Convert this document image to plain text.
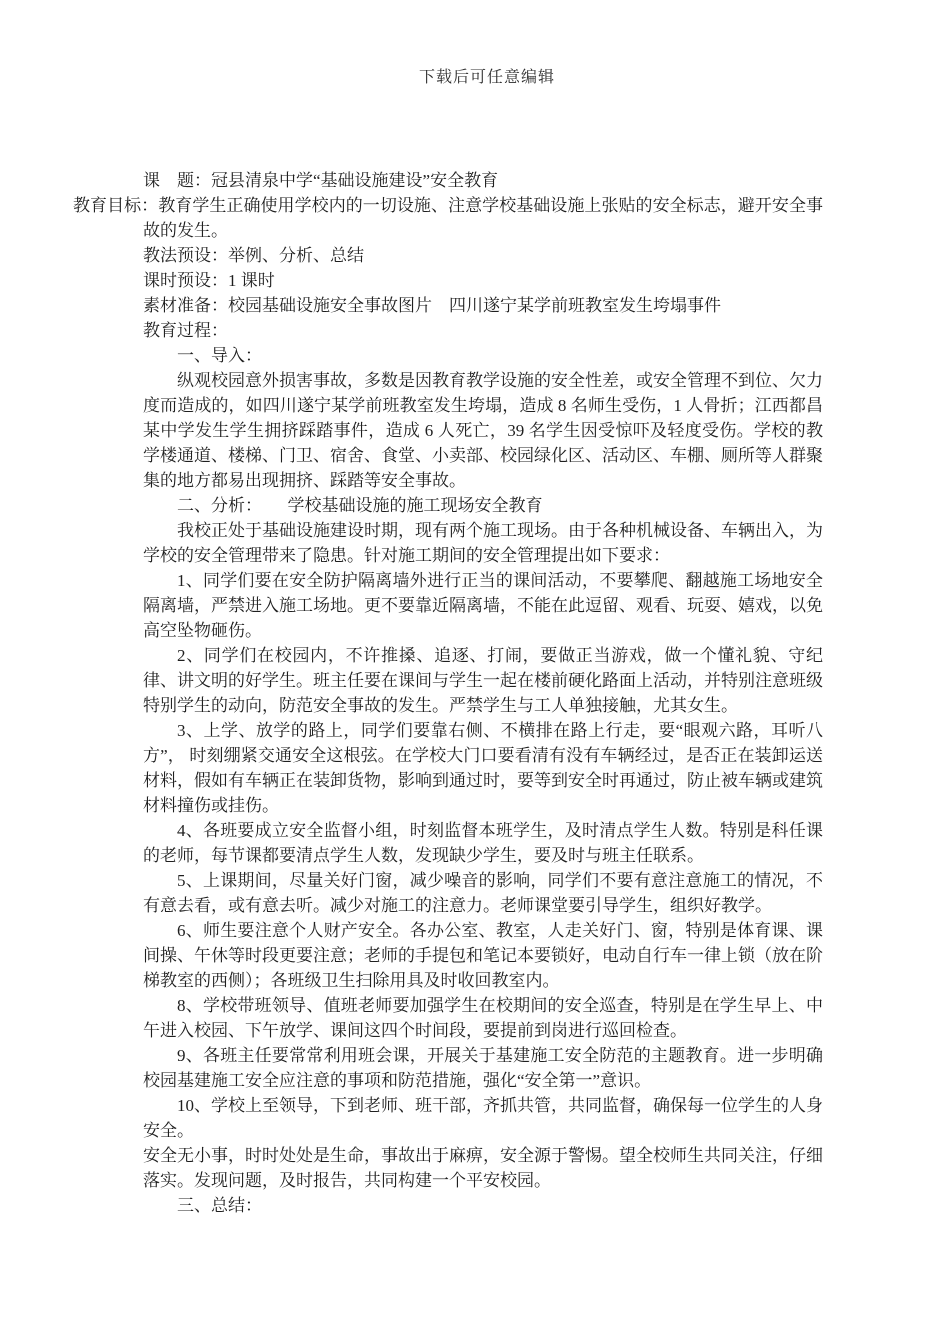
下载后可任意编辑

课　题：冠县清泉中学“基础设施建设”安全教育

教育目标：教育学生正确使用学校内的一切设施、注意学校基础设施上张贴的安全标志，避开安全事故的发生。

教法预设：举例、分析、总结

课时预设：1 课时

素材准备：校园基础设施安全事故图片　四川遂宁某学前班教室发生垮塌事件

教育过程：

一、导入：

纵观校园意外损害事故，多数是因教育教学设施的安全性差，或安全管理不到位、欠力度而造成的，如四川遂宁某学前班教室发生垮塌，造成 8 名师生受伤，1 人骨折；江西都昌某中学发生学生拥挤踩踏事件，造成 6 人死亡，39 名学生因受惊吓及轻度受伤。学校的教学楼通道、楼梯、门卫、宿舍、食堂、小卖部、校园绿化区、活动区、车棚、厕所等人群聚集的地方都易出现拥挤、踩踏等安全事故。

二、分析：　　学校基础设施的施工现场安全教育

我校正处于基础设施建设时期，现有两个施工现场。由于各种机械设备、车辆出入，为学校的安全管理带来了隐患。针对施工期间的安全管理提出如下要求：

1、同学们要在安全防护隔离墙外进行正当的课间活动，不要攀爬、翻越施工场地安全隔离墙，严禁进入施工场地。更不要靠近隔离墙，不能在此逗留、观看、玩耍、嬉戏，以免高空坠物砸伤。

2、同学们在校园内，不许推搡、追逐、打闹，要做正当游戏，做一个懂礼貌、守纪律、讲文明的好学生。班主任要在课间与学生一起在楼前硬化路面上活动，并特别注意班级特别学生的动向，防范安全事故的发生。严禁学生与工人单独接触，尤其女生。

3、上学、放学的路上，同学们要靠右侧、不横排在路上行走，要“眼观六路，耳听八方”， 时刻绷紧交通安全这根弦。在学校大门口要看清有没有车辆经过，是否正在装卸运送材料，假如有车辆正在装卸货物，影响到通过时，要等到安全时再通过，防止被车辆或建筑材料撞伤或挂伤。

4、各班要成立安全监督小组，时刻监督本班学生，及时清点学生人数。特别是科任课的老师，每节课都要清点学生人数，发现缺少学生，要及时与班主任联系。

5、上课期间，尽量关好门窗，减少噪音的影响，同学们不要有意注意施工的情况，不有意去看，或有意去听。减少对施工的注意力。老师课堂要引导学生，组织好教学。

6、师生要注意个人财产安全。各办公室、教室，人走关好门、窗，特别是体育课、课间操、午休等时段更要注意；老师的手提包和笔记本要锁好，电动自行车一律上锁（放在阶梯教室的西侧）；各班级卫生扫除用具及时收回教室内。

8、学校带班领导、值班老师要加强学生在校期间的安全巡查，特别是在学生早上、中午进入校园、下午放学、课间这四个时间段，要提前到岗进行巡回检查。

9、各班主任要常常利用班会课，开展关于基建施工安全防范的主题教育。进一步明确校园基建施工安全应注意的事项和防范措施，强化“安全第一”意识。

10、学校上至领导，下到老师、班干部，齐抓共管，共同监督，确保每一位学生的人身安全。

安全无小事，时时处处是生命，事故出于麻痹，安全源于警惕。望全校师生共同关注，仔细落实。发现问题，及时报告，共同构建一个平安校园。

三、总结：
